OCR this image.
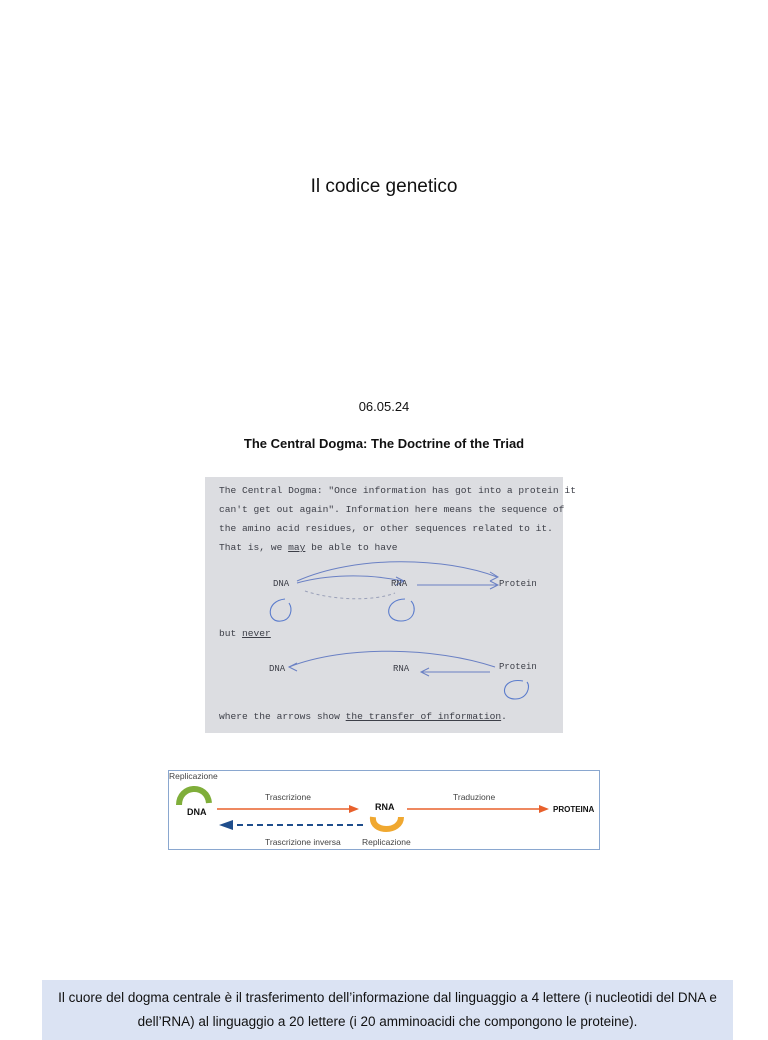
Il codice genetico
06.05.24
The Central Dogma: The Doctrine of the Triad
The Central Dogma: "Once information has got into a protein it
can't get out again". Information here means the sequence of
the amino acid residues, or other sequences related to it.
That is, we may be able to have
DNA	RNA	Protein
but never
DNA	RNA	Protein
where the arrows show the transfer of information.
Replicazione
DNA
Trascrizione
RNA
Traduzione
PROTEINA
Trascrizione inversa	Replicazione
Il cuore del dogma centrale è il trasferimento dell’informazione dal linguaggio a 4 lettere (i nucleotidi del DNA e dell’RNA) al linguaggio a 20 lettere (i 20 amminoacidi che compongono le proteine).
